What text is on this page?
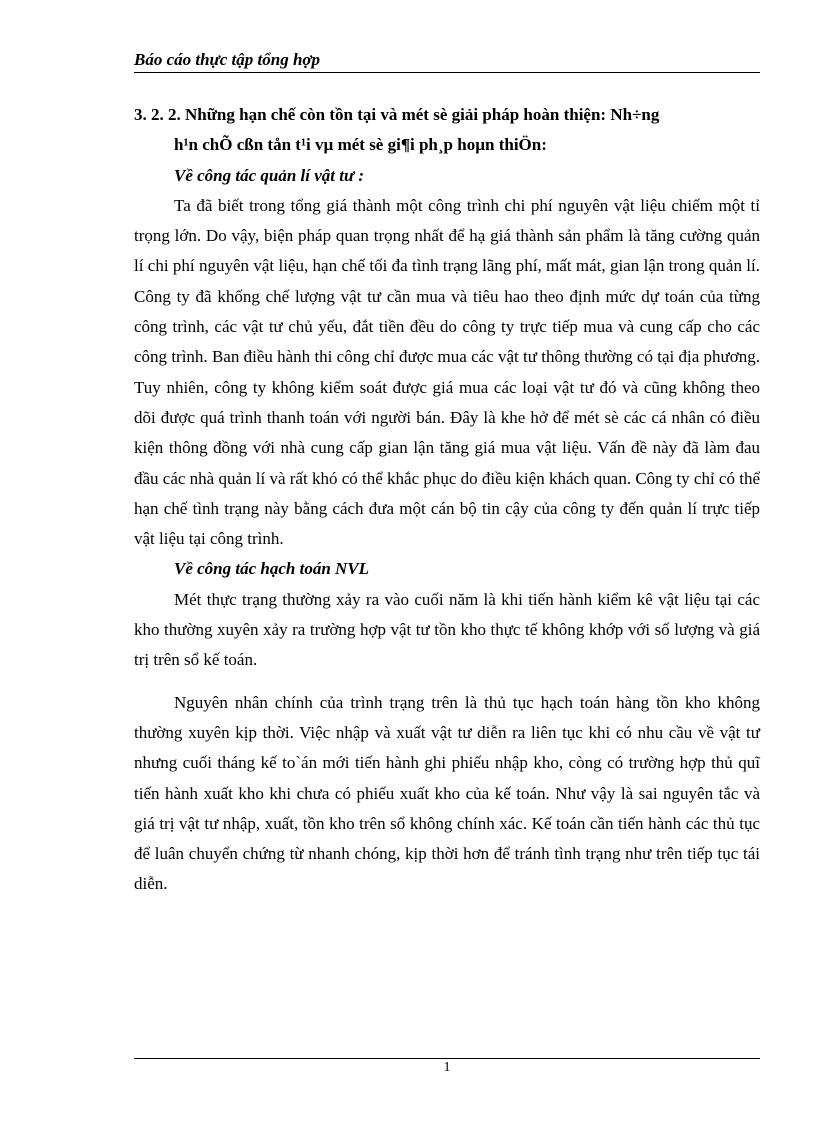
Báo cáo thực tập tổng hợp

3. 2. 2. Những hạn chế còn tồn tại và mét sè giải pháp hoàn thiện: Nh÷ng
h¹n chÕ cßn tån t¹i vµ mét sè gi¶i ph¸p hoµn thiÖn:

Về công tác quản lí vật tư :

Ta đã biết trong tổng giá thành một công trình chi phí nguyên vật liệu chiếm một tỉ trọng lớn. Do vậy, biện pháp quan trọng nhất để hạ giá thành sản phẩm là tăng cường quản lí chi phí nguyên vật liệu, hạn chế tối đa tình trạng lãng phí, mất mát, gian lận trong quản lí. Công ty đã khống chế lượng vật tư cần mua và tiêu hao theo định mức dự toán của từng công trình, các vật tư chủ yếu, đắt tiền đều do công ty trực tiếp mua và cung cấp cho các công trình. Ban điều hành thi công chỉ được mua các vật tư thông thường có tại địa phương. Tuy nhiên, công ty không kiểm soát được giá mua các loại vật tư đó và cũng không theo dõi được quá trình thanh toán với người bán. Đây là khe hở để mét sè các cá nhân có điều kiện thông đồng với nhà cung cấp gian lận tăng giá mua vật liệu. Vấn đề này đã làm đau đầu các nhà quản lí và rất khó có thể khắc phục do điều kiện khách quan. Công ty chỉ có thể hạn chế tình trạng này bằng cách đưa một cán bộ tin cậy của công ty đến quản lí trực tiếp vật liệu tại công trình.

Về công tác hạch toán NVL

Mét thực trạng thường xảy ra vào cuối năm là khi tiến hành kiểm kê vật liệu tại các kho thường xuyên xảy ra trường hợp vật tư tồn kho thực tế không khớp với số lượng và giá trị trên sổ kế toán.

Nguyên nhân chính của trình trạng trên là thủ tục hạch toán hàng tồn kho không thường xuyên kịp thời. Việc nhập và xuất vật tư diễn ra liên tục khi có nhu cầu về vật tư nhưng cuối tháng kế to`án mới tiến hành ghi phiếu nhập kho, còng có trường hợp thủ quĩ tiến hành xuất kho khi chưa có phiếu xuất kho của kế toán. Như vậy là sai nguyên tắc và giá trị vật tư nhập, xuất, tồn kho trên sổ không chính xác. Kế toán cần tiến hành các thủ tục để luân chuyển chứng từ nhanh chóng, kịp thời hơn để tránh tình trạng như trên tiếp tục tái diễn.

1
